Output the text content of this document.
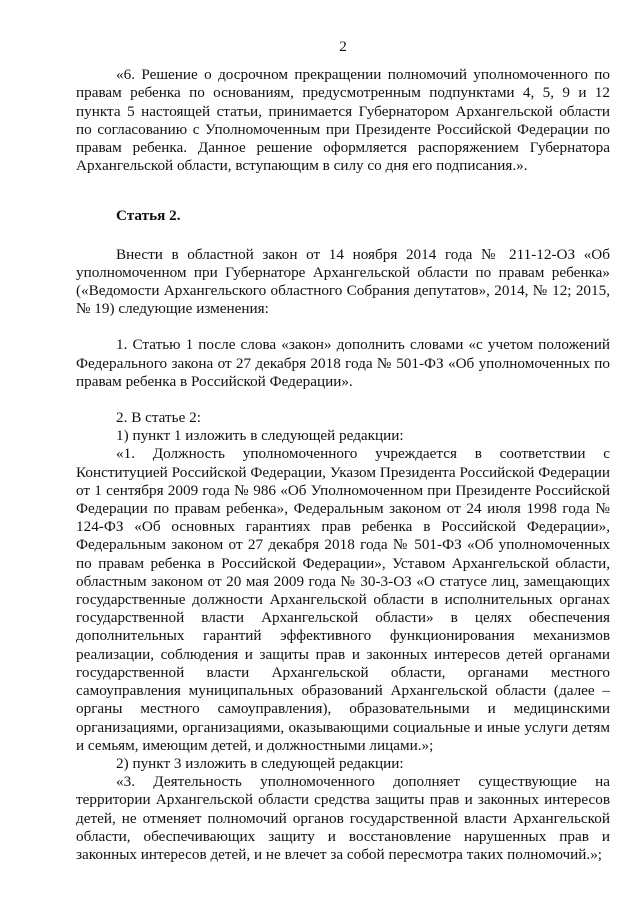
2

«6. Решение о досрочном прекращении полномочий уполномоченного по правам ребенка по основаниям, предусмотренным подпунктами 4, 5, 9 и 12 пункта 5 настоящей статьи, принимается Губернатором Архангельской области по согласованию с Уполномоченным при Президенте Российской Федерации по правам ребенка. Данное решение оформляется распоряжением Губернатора Архангельской области, вступающим в силу со дня его подписания.».

Статья 2.

Внести в областной закон от 14 ноября 2014 года № 211-12-ОЗ «Об уполномоченном при Губернаторе Архангельской области по правам ребенка» («Ведомости Архангельского областного Собрания депутатов», 2014, № 12; 2015, № 19) следующие изменения:

1. Статью 1 после слова «закон» дополнить словами «с учетом положений Федерального закона от 27 декабря 2018 года № 501-ФЗ «Об уполномоченных по правам ребенка в Российской Федерации».

2. В статье 2:

1) пункт 1 изложить в следующей редакции:

«1. Должность уполномоченного учреждается в соответствии с Конституцией Российской Федерации, Указом Президента Российской Федерации от 1 сентября 2009 года № 986 «Об Уполномоченном при Президенте Российской Федерации по правам ребенка», Федеральным законом от 24 июля 1998 года № 124-ФЗ «Об основных гарантиях прав ребенка в Российской Федерации», Федеральным законом от 27 декабря 2018 года № 501-ФЗ «Об уполномоченных по правам ребенка в Российской Федерации», Уставом Архангельской области, областным законом от 20 мая 2009 года № 30-3-ОЗ «О статусе лиц, замещающих государственные должности Архангельской области в исполнительных органах государственной власти Архангельской области» в целях обеспечения дополнительных гарантий эффективного функционирования механизмов реализации, соблюдения и защиты прав и законных интересов детей органами государственной власти Архангельской области, органами местного самоуправления муниципальных образований Архангельской области (далее – органы местного самоуправления), образовательными и медицинскими организациями, организациями, оказывающими социальные и иные услуги детям и семьям, имеющим детей, и должностными лицами.»;

2) пункт 3 изложить в следующей редакции:

«3. Деятельность уполномоченного дополняет существующие на территории Архангельской области средства защиты прав и законных интересов детей, не отменяет полномочий органов государственной власти Архангельской области, обеспечивающих защиту и восстановление нарушенных прав и законных интересов детей, и не влечет за собой пересмотра таких полномочий.»;
